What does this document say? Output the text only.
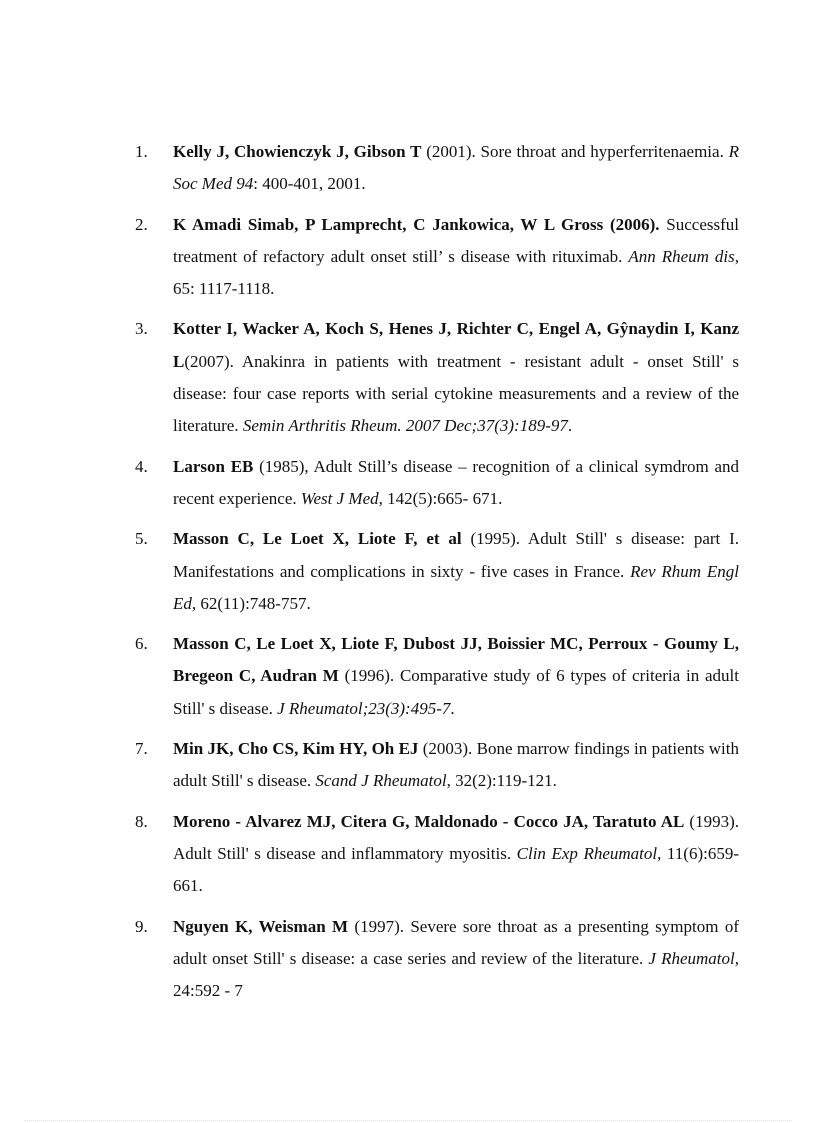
1. Kelly J, Chowienczyk J, Gibson T (2001). Sore throat and hyperferritenaemia. R Soc Med 94: 400-401, 2001.
2. K Amadi Simab, P Lamprecht, C Jankowica, W L Gross (2006). Successful treatment of refactory adult onset still’ s disease with rituximab. Ann Rheum dis, 65: 1117-1118.
3. Kotter I, Wacker A, Koch S, Henes J, Richter C, Engel A, Gŷnaydin I, Kanz L(2007). Anakinra in patients with treatment - resistant adult - onset Still' s disease: four case reports with serial cytokine measurements and a review of the literature. Semin Arthritis Rheum. 2007 Dec;37(3):189-97.
4. Larson EB (1985), Adult Still’s disease – recognition of a clinical symdrom and recent experience. West J Med, 142(5):665- 671.
5. Masson C, Le Loet X, Liote F, et al (1995). Adult Still' s disease: part I. Manifestations and complications in sixty - five cases in France. Rev Rhum Engl Ed, 62(11):748-757.
6. Masson C, Le Loet X, Liote F, Dubost JJ, Boissier MC, Perroux - Goumy L, Bregeon C, Audran M (1996). Comparative study of 6 types of criteria in adult Still' s disease. J Rheumatol;23(3):495-7.
7. Min JK, Cho CS, Kim HY, Oh EJ (2003). Bone marrow findings in patients with adult Still' s disease. Scand J Rheumatol, 32(2):119-121.
8. Moreno - Alvarez MJ, Citera G, Maldonado - Cocco JA, Taratuto AL (1993). Adult Still' s disease and inflammatory myositis. Clin Exp Rheumatol, 11(6):659-661.
9. Nguyen K, Weisman M (1997). Severe sore throat as a presenting symptom of adult onset Still' s disease: a case series and review of the literature. J Rheumatol, 24:592 - 7
